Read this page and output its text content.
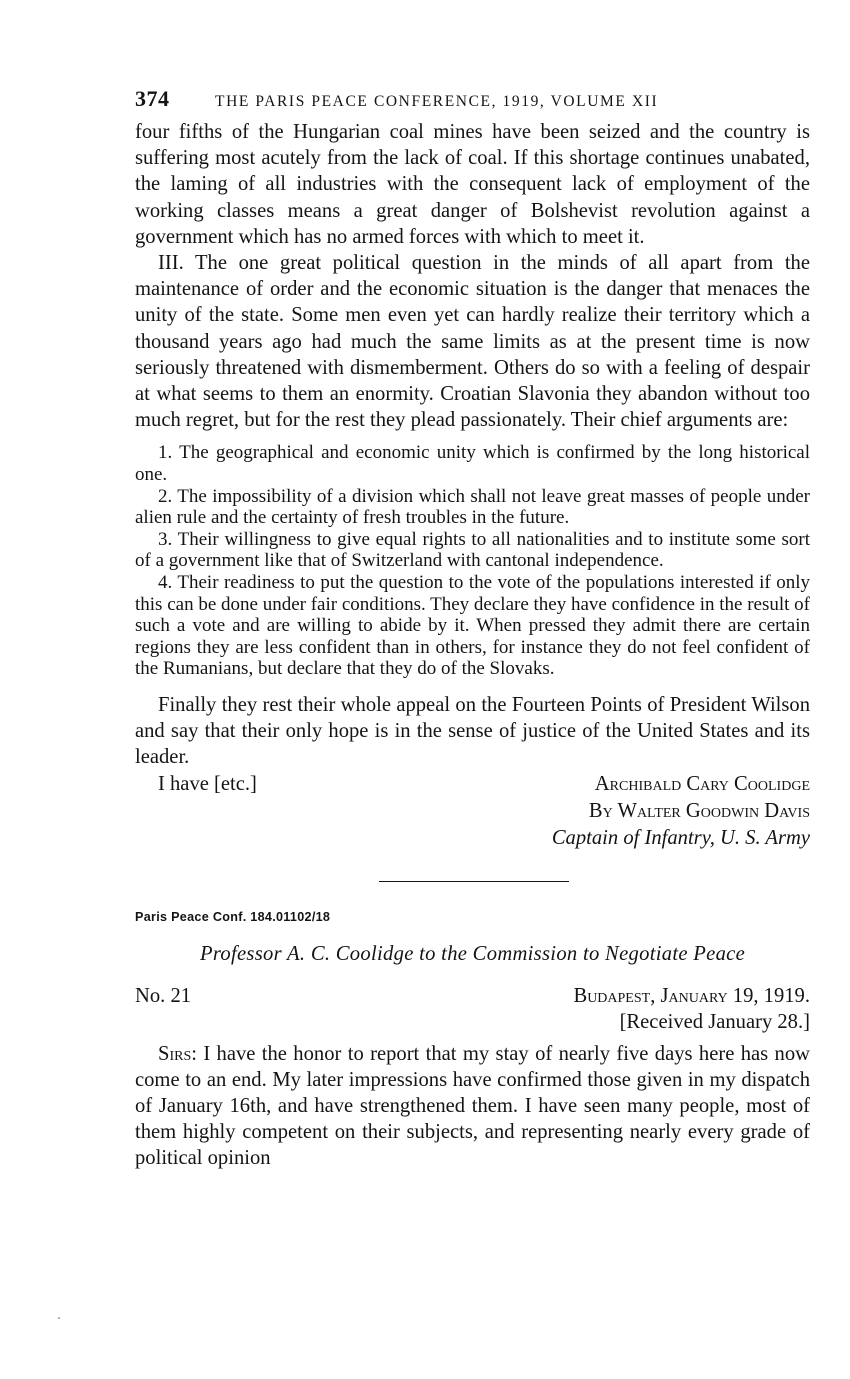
374	THE PARIS PEACE CONFERENCE, 1919, VOLUME XII

four fifths of the Hungarian coal mines have been seized and the country is suffering most acutely from the lack of coal. If this shortage continues unabated, the laming of all industries with the consequent lack of employment of the working classes means a great danger of Bolshevist revolution against a government which has no armed forces with which to meet it.

III. The one great political question in the minds of all apart from the maintenance of order and the economic situation is the danger that menaces the unity of the state. Some men even yet can hardly realize their territory which a thousand years ago had much the same limits as at the present time is now seriously threatened with dismemberment. Others do so with a feeling of despair at what seems to them an enormity. Croatian Slavonia they abandon without too much regret, but for the rest they plead passionately. Their chief arguments are:

1. The geographical and economic unity which is confirmed by the long historical one.

2. The impossibility of a division which shall not leave great masses of people under alien rule and the certainty of fresh troubles in the future.

3. Their willingness to give equal rights to all nationalities and to institute some sort of a government like that of Switzerland with cantonal independence.

4. Their readiness to put the question to the vote of the populations interested if only this can be done under fair conditions. They declare they have confidence in the result of such a vote and are willing to abide by it. When pressed they admit there are certain regions they are less confident than in others, for instance they do not feel confident of the Rumanians, but declare that they do of the Slovaks.

Finally they rest their whole appeal on the Fourteen Points of President Wilson and say that their only hope is in the sense of justice of the United States and its leader.

I have [etc.]	Archibald Cary Coolidge
By Walter Goodwin Davis
Captain of Infantry, U. S. Army
Paris Peace Conf. 184.01102/18
Professor A. C. Coolidge to the Commission to Negotiate Peace
No. 21	Budapest, January 19, 1919.
[Received January 28.]

Sirs: I have the honor to report that my stay of nearly five days here has now come to an end. My later impressions have confirmed those given in my dispatch of January 16th, and have strengthened them. I have seen many people, most of them highly competent on their subjects, and representing nearly every grade of political opinion
